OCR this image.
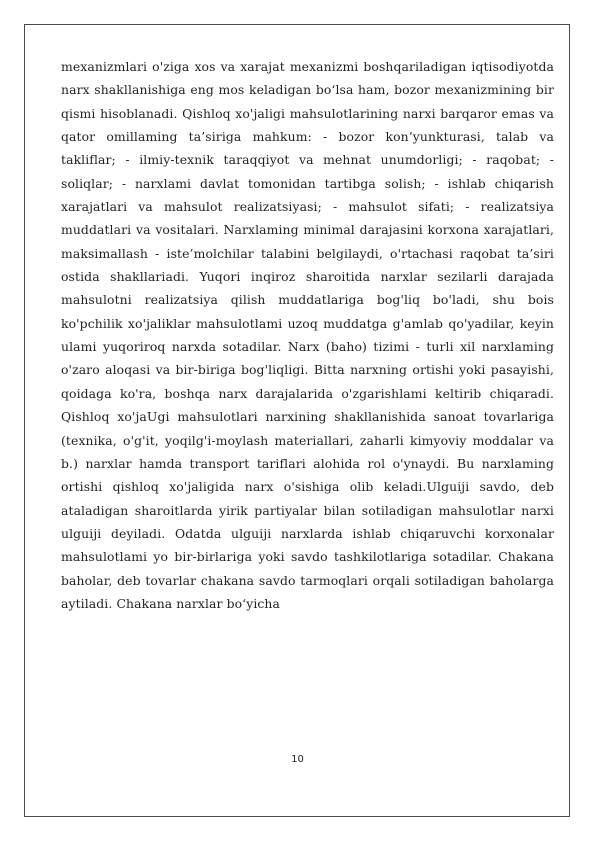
mexanizmlari o'ziga xos va xarajat mexanizmi boshqariladigan iqtisodiyotda narx shakllanishiga eng mos keladigan bo‘lsa ham, bozor mexanizmining bir qismi hisoblanadi. Qishloq xo'jaligi mahsulotlarining narxi barqaror emas va qator omillaming ta’siriga mahkum: - bozor kon’yunkturasi, talab va takliflar; - ilmiy-texnik taraqqiyot va mehnat unumdorligi; - raqobat; - soliqlar; - narxlami davlat tomonidan tartibga solish; - ishlab chiqarish xarajatlari va mahsulot realizatsiyasi; - mahsulot sifati; - realizatsiya muddatlari va vositalari. Narxlaming minimal darajasini korxona xarajatlari, maksimallash - iste’molchilar talabini belgilaydi, o'rtachasi raqobat ta’siri ostida shakllariadi. Yuqori inqiroz sharoitida narxlar sezilarli darajada mahsulotni realizatsiya qilish muddatlariga bog'liq bo'ladi, shu bois ko'pchilik xo'jaliklar mahsulotlami uzoq muddatga g'amlab qo'yadilar, keyin ulami yuqoriroq narxda sotadilar. Narx (baho) tizimi - turli xil narxlaming o'zaro aloqasi va bir-biriga bog'liqligi. Bitta narxning ortishi yoki pasayishi, qoidaga ko'ra, boshqa narx darajalarida o'zgarishlami keltirib chiqaradi. Qishloq xo'jaUgi mahsulotlari narxining shakllanishida sanoat tovarlariga (texnika, o'g'it, yoqilg'i-moylash materiallari, zaharli kimyoviy moddalar va b.) narxlar hamda transport tariflari alohida rol o'ynaydi. Bu narxlaming ortishi qishloq xo'jaligida narx o'sishiga olib keladi.Ulguiji savdo, deb ataladigan sharoitlarda yirik partiyalar bilan sotiladigan mahsulotlar narxi ulguiji deyiladi. Odatda ulguiji narxlarda ishlab chiqaruvchi korxonalar mahsulotlami yo bir-birlariga yoki savdo tashkilotlariga sotadilar. Chakana baholar, deb tovarlar chakana savdo tarmoqlari orqali sotiladigan baholarga aytiladi. Chakana narxlar bo‘yicha

10
